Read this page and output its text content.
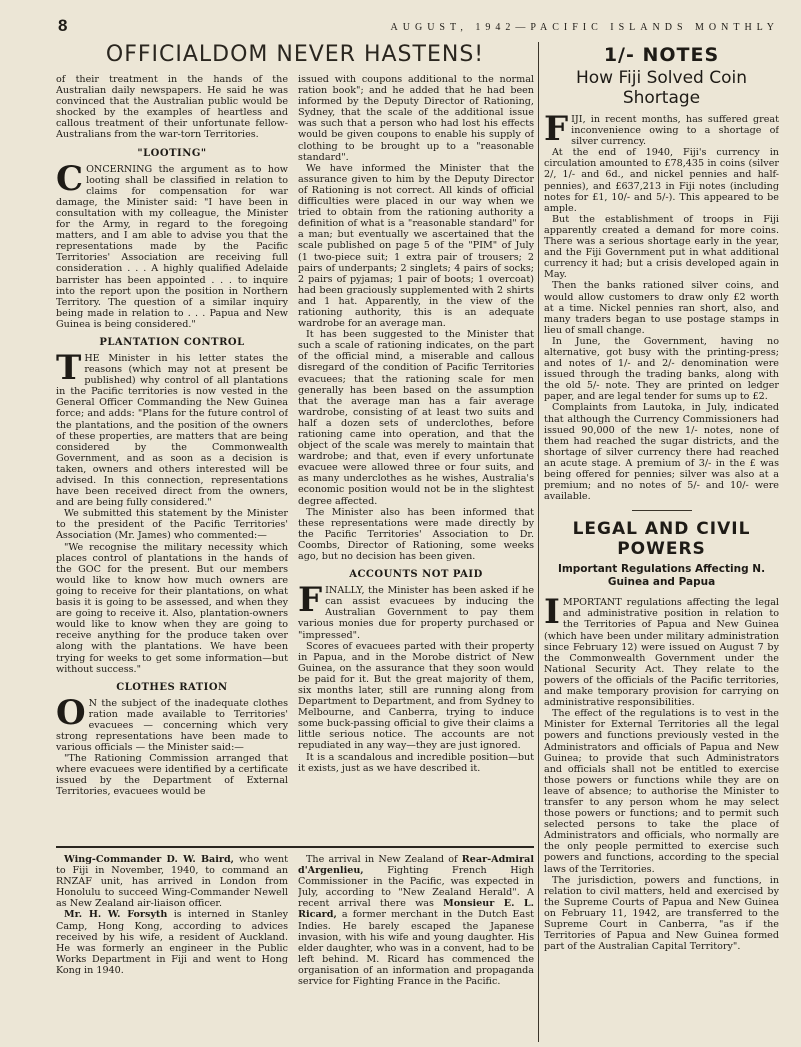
8	AUGUST, 1942—PACIFIC ISLANDS MONTHLY
OFFICIALDOM NEVER HASTENS!

of their treatment in the hands of the Australian daily newspapers. He said he was convinced that the Australian public would be shocked by the examples of heartless and callous treatment of their unfortunate fellow-Australians from the war-torn Territories.

"LOOTING"

CONCERNING the argument as to how looting shall be classified in relation to claims for compensation for war damage, the Minister said: "I have been in consultation with my colleague, the Minister for the Army, in regard to the foregoing matters, and I am able to advise you that the representations made by the Pacific Territories' Association are receiving full consideration . . . A highly qualified Adelaide barrister has been appointed . . . to inquire into the report upon the position in Northern Territory. The question of a similar inquiry being made in relation to . . . Papua and New Guinea is being considered."

PLANTATION CONTROL

THE Minister in his letter states the reasons (which may not at present be published) why control of all plantations in the Pacific territories is now vested in the General Officer Commanding the New Guinea force; and adds: "Plans for the future control of the plantations, and the position of the owners of these properties, are matters that are being considered by the Commonwealth Government, and as soon as a decision is taken, owners and others interested will be advised. In this connection, representations have been received direct from the owners, and are being fully considered."

We submitted this statement by the Minister to the president of the Pacific Territories' Association (Mr. James) who commented:—

"We recognise the military necessity which places control of plantations in the hands of the GOC for the present. But our members would like to know how much owners are going to receive for their plantations, on what basis it is going to be assessed, and when they are going to receive it. Also, plantation-owners would like to know when they are going to receive anything for the produce taken over along with the plantations. We have been trying for weeks to get some information—but without success."

CLOTHES RATION

O N the subject of the inadequate clothes ration made available to Territories' evacuees — concerning which very strong representations have been made to various officials — the Minister said:—

"The Rationing Commission arranged that where evacuees were identified by a certificate issued by the Department of External Territories, evacuees would be

issued with coupons additional to the normal ration book"; and he added that he had been informed by the Deputy Director of Rationing, Sydney, that the scale of the additional issue was such that a person who had lost his effects would be given coupons to enable his supply of clothing to be brought up to a "reasonable standard".

We have informed the Minister that the assurance given to him by the Deputy Director of Rationing is not correct. All kinds of official difficulties were placed in our way when we tried to obtain from the rationing authority a definition of what is a "reasonable standard" for a man; but eventually we ascertained that the scale published on page 5 of the "PIM" of July (1 two-piece suit; 1 extra pair of trousers; 2 pairs of underpants; 2 singlets; 4 pairs of socks; 2 pairs of pyjamas; 1 pair of boots; 1 overcoat) had been graciously supplemented with 2 shirts and 1 hat. Apparently, in the view of the rationing authority, this is an adequate wardrobe for an average man.

It has been suggested to the Minister that such a scale of rationing indicates, on the part of the official mind, a miserable and callous disregard of the condition of Pacific Territories evacuees; that the rationing scale for men generally has been based on the assumption that the average man has a fair average wardrobe, consisting of at least two suits and half a dozen sets of underclothes, before rationing came into operation, and that the object of the scale was merely to maintain that wardrobe; and that, even if every unfortunate evacuee were allowed three or four suits, and as many underclothes as he wishes, Australia's economic position would not be in the slightest degree affected.

The Minister also has been informed that these representations were made directly by the Pacific Territories' Association to Dr. Coombs, Director of Rationing, some weeks ago, but no decision has been given.

ACCOUNTS NOT PAID

FINALLY, the Minister has been asked if he can assist evacuees by inducing the Australian Government to pay them various monies due for property purchased or "impressed".

Scores of evacuees parted with their property in Papua, and in the Morobe district of New Guinea, on the assurance that they soon would be paid for it. But the great majority of them, six months later, still are running along from Department to Department, and from Sydney to Melbourne, and Canberra, trying to induce some buck-passing official to give their claims a little serious notice. The accounts are not repudiated in any way—they are just ignored.

It is a scandalous and incredible position—but it exists, just as we have described it.

Wing-Commander D. W. Baird, who went to Fiji in November, 1940, to command an RNZAF unit, has arrived in London from Honolulu to succeed Wing-Commander Newell as New Zealand air-liaison officer.

Mr. H. W. Forsyth is interned in Stanley Camp, Hong Kong, according to advices received by his wife, a resident of Auckland. He was formerly an engineer in the Public Works Department in Fiji and went to Hong Kong in 1940.

The arrival in New Zealand of Rear-Admiral d'Argenlieu, Fighting French High Commissioner in the Pacific, was expected in July, according to "New Zealand Herald". A recent arrival there was Monsieur E. L. Ricard, a former merchant in the Dutch East Indies. He barely escaped the Japanese invasion, with his wife and young daughter. His elder daughter, who was in a convent, had to be left behind. M. Ricard has commenced the organisation of an information and propaganda service for Fighting France in the Pacific.

1/- NOTES
How Fiji Solved Coin Shortage

FIJI, in recent months, has suffered great inconvenience owing to a shortage of silver currency.

At the end of 1940, Fiji's currency in circulation amounted to £78,435 in coins (silver 2/, 1/- and 6d., and nickel pennies and half-pennies), and £637,213 in Fiji notes (including notes for £1, 10/- and 5/-). This appeared to be ample.

But the establishment of troops in Fiji apparently created a demand for more coins. There was a serious shortage early in the year, and the Fiji Government put in what additional currency it had; but a crisis developed again in May.

Then the banks rationed silver coins, and would allow customers to draw only £2 worth at a time. Nickel pennies ran short, also, and many traders began to use postage stamps in lieu of small change.

In June, the Government, having no alternative, got busy with the printing-press; and notes of 1/- and 2/- denomination were issued through the trading banks, along with the old 5/- note. They are printed on ledger paper, and are legal tender for sums up to £2.

Complaints from Lautoka, in July, indicated that although the Currency Commissioners had issued 90,000 of the new 1/- notes, none of them had reached the sugar districts, and the shortage of silver currency there had reached an acute stage. A premium of 3/- in the £ was being offered for pennies; silver was also at a premium; and no notes of 5/- and 10/- were available.

LEGAL AND CIVIL POWERS
Important Regulations Affecting N. Guinea and Papua

IMPORTANT regulations affecting the legal and administrative position in relation to the Territories of Papua and New Guinea (which have been under military administration since February 12) were issued on August 7 by the Commonwealth Government under the National Security Act. They relate to the powers of the officials of the Pacific territories, and make temporary provision for carrying on administrative responsibilities.

The effect of the regulations is to vest in the Minister for External Territories all the legal powers and functions previously vested in the Administrators and officials of Papua and New Guinea; to provide that such Administrators and officials shall not be entitled to exercise those powers or functions while they are on leave of absence; to authorise the Minister to transfer to any person whom he may select those powers or functions; and to permit such selected persons to take the place of Administrators and officials, who normally are the only people permitted to exercise such powers and functions, according to the special laws of the Territories.

The jurisdiction, powers and functions, in relation to civil matters, held and exercised by the Supreme Courts of Papua and New Guinea on February 11, 1942, are transferred to the Supreme Court in Canberra, "as if the Territories of Papua and New Guinea formed part of the Australian Capital Territory".
